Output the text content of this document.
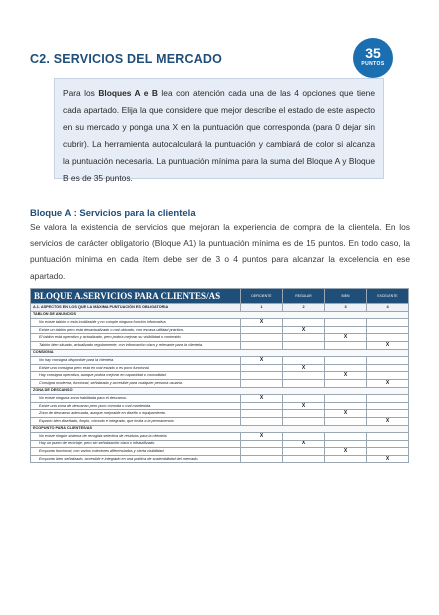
C2. SERVICIOS DEL MERCADO	35
PUNTOS

Para los Bloques A e B lea con atención cada una de las 4 opciones que tiene cada apartado. Elija la que considere que mejor describe el estado de este aspecto en su mercado y ponga una X en la puntuación que corresponda (para 0 dejar sin cubrir). La herramienta autocalculará la puntuación y cambiará de color si alcanza la puntuación necesaria. La puntuación mínima para la suma del Bloque A y Bloque B es de 35 puntos.

Bloque A : Servicios para la clientela

Se valora la existencia de servicios que mejoran la experiencia de compra de la clientela. En los servicios de carácter obligatorio (Bloque A1) la puntuación mínima es de 15 puntos. En todo caso, la puntuación mínima en cada ítem debe ser de 3 o 4 puntos para alcanzar la excelencia en ese apartado.

BLOQUE A.SERVICIOS PARA CLIENTES/AS	DEFICIENTE	REGULAR	BIEN	EXCELENTE
A.1. ASPECTOS EN LOS QUE LA MÁXIMA PUNTUACIÓN ES OBLIGATORIA	1	2	3	4
TABLÓN DE ANUNCIOS				
No existe tablón o está inutilizable y no cumple ninguna función informativa.	X			
Existe un tablón pero está desactualizado o mal ubicado, con escasa utilidad práctica.		X		
El tablón está operativo y actualizado, pero podría mejorar su visibilidad o contenido.			X	
Tablón bien situado, actualizado regularmente, con información clara y relevante para la clientela.				X
CONSIGNA				
No hay consigna disponible para la clientela.	X			
Existe una consigna pero está en mal estado o es poco funcional.		X		
Hay consigna operativa, aunque podría mejorar en capacidad o comodidad.			X	
Consigna moderna, funcional, señalizada y accesible para cualquier persona usuaria.				X
ZONA DE DESCANSO				
No existe ninguna zona habilitada para el descanso.	X			
Existe una zona de descanso pero poco cómoda o mal mantenida.		X		
Zona de descanso adecuada, aunque mejorable en diseño o equipamiento.			X	
Espacio bien diseñado, limpio, cómodo e integrado, que invita a la permanencia.				X
ECOPUNTO PARA CLIENTES/AS				
No existe ningún sistema de recogida selectiva de residuos para la clientela.	X			
Hay un punto de reciclaje, pero sin señalización clara o infrautilizado.		X		
Ecopunto funcional, con varios colectores diferenciados y cierta visibilidad.			X	
Ecopunto bien señalizado, accesible e integrado en una política de sostenibilidad del mercado.				X
